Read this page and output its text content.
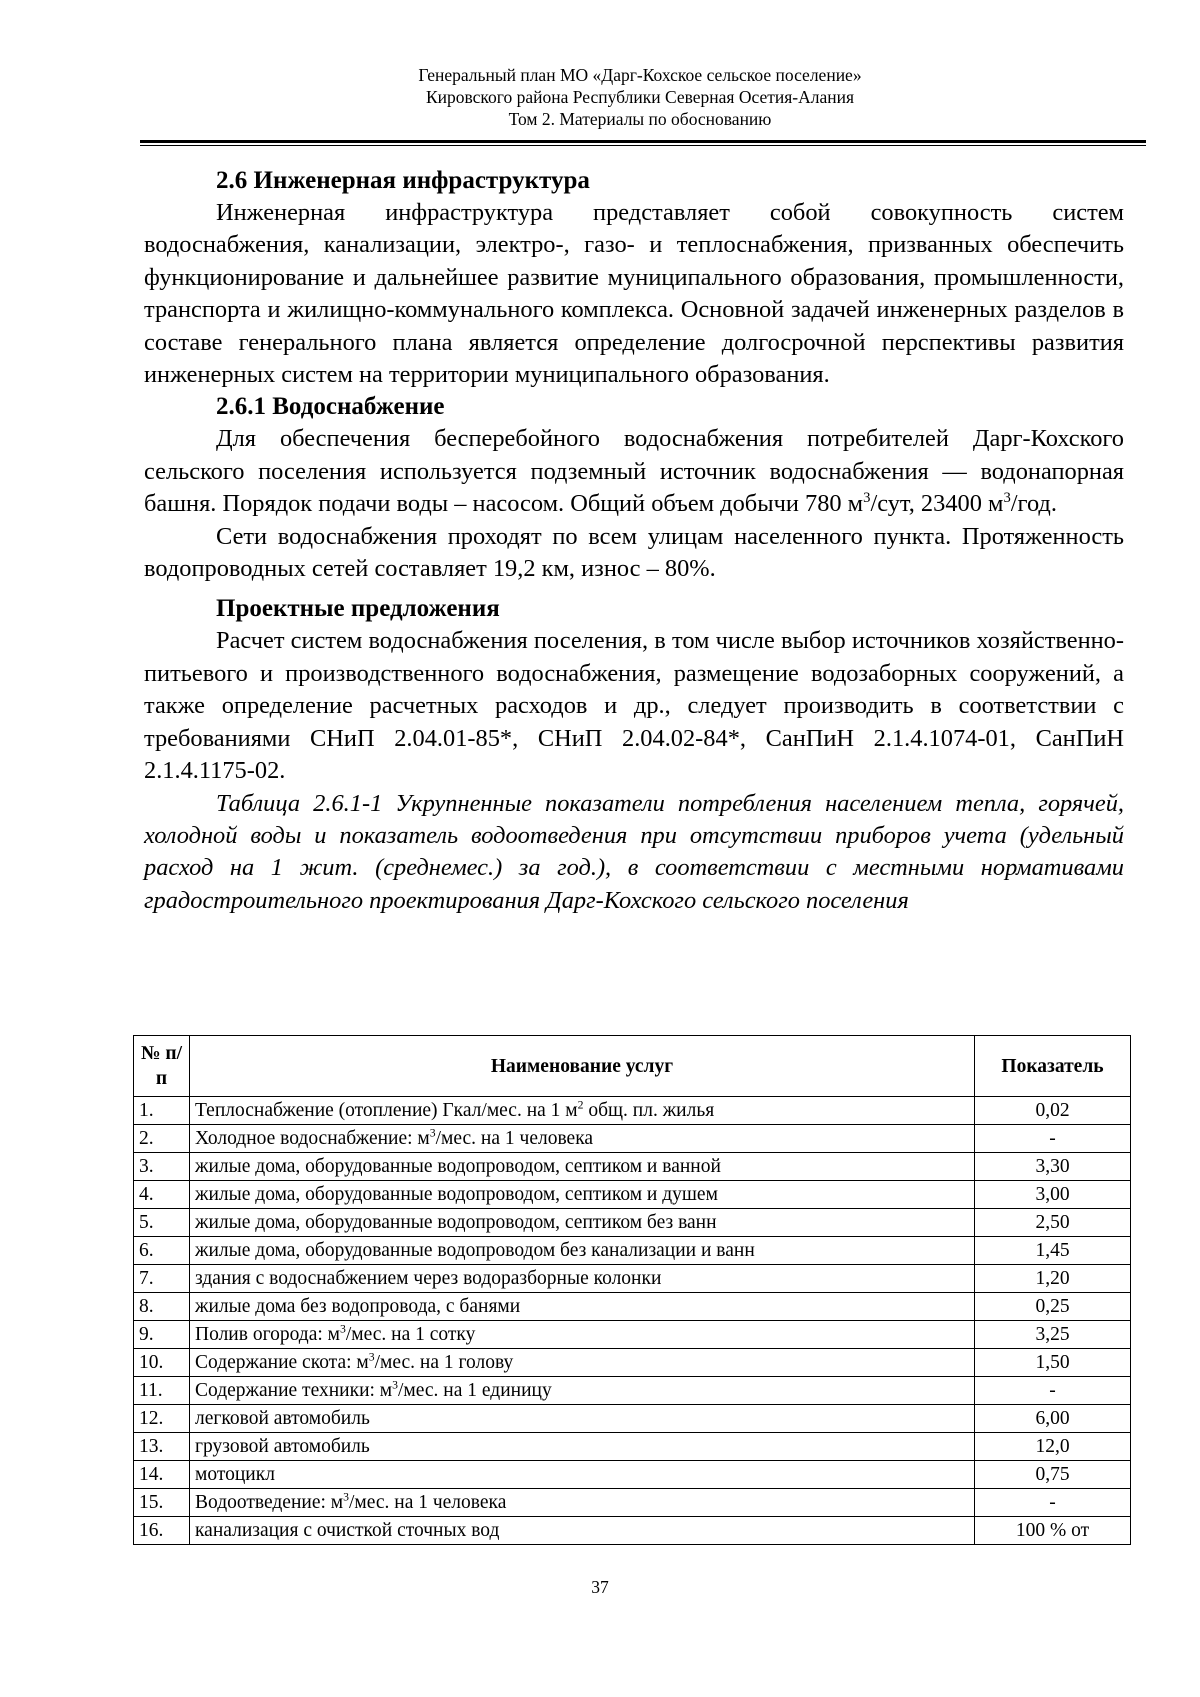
Генеральный план МО «Дарг-Кохское сельское поселение»
Кировского района Республики Северная Осетия-Алания
Том 2. Материалы по обоснованию
2.6 Инженерная инфраструктура

Инженерная инфраструктура представляет собой совокупность систем водоснабжения, канализации, электро-, газо- и теплоснабжения, призванных обеспечить функционирование и дальнейшее развитие муниципального образования, промышленности, транспорта и жилищно-коммунального комплекса. Основной задачей инженерных разделов в составе генерального плана является определение долгосрочной перспективы развития инженерных систем на территории муниципального образования.

2.6.1 Водоснабжение

Для обеспечения бесперебойного водоснабжения потребителей Дарг-Кохского сельского поселения используется подземный источник водоснабжения — водонапорная башня. Порядок подачи воды – насосом. Общий объем добычи 780 $м^3$/сут, 23400 $м^3$/год.

Сети водоснабжения проходят по всем улицам населенного пункта. Протяженность водопроводных сетей составляет 19,2 км, износ – 80%.

Проектные предложения

Расчет систем водоснабжения поселения, в том числе выбор источников хозяйственно-питьевого и производственного водоснабжения, размещение водозаборных сооружений, а также определение расчетных расходов и др., следует производить в соответствии с требованиями СНиП 2.04.01-85*, СНиП 2.04.02-84*, СанПиН 2.1.4.1074-01, СанПиН 2.1.4.1175-02.

Таблица 2.6.1-1 Укрупненные показатели потребления населением тепла, горячей, холодной воды и показатель водоотведения при отсутствии приборов учета (удельный расход на 1 жит. (среднемес.) за год.), в соответствии с местными нормативами градостроительного проектирования Дарг-Кохского сельского поселения

№ п/п	Наименование услуг	Показатель
1.	Теплоснабжение (отопление) Гкал/мес. на 1 $м^2$ общ. пл. жилья	0,02
2.	Холодное водоснабжение: $м^3$/мес. на 1 человека	-
3.	жилые дома, оборудованные водопроводом, септиком и ванной	3,30
4.	жилые дома, оборудованные водопроводом, септиком и душем	3,00
5.	жилые дома, оборудованные водопроводом, септиком без ванн	2,50
6.	жилые дома, оборудованные водопроводом без канализации и ванн	1,45
7.	здания с водоснабжением через водоразборные колонки	1,20
8.	жилые дома без водопровода, с банями	0,25
9.	Полив огорода: $м^3$/мес. на 1 сотку	3,25
10.	Содержание скота: $м^3$/мес. на 1 голову	1,50
11.	Содержание техники: $м^3$/мес. на 1 единицу	-
12.	легковой автомобиль	6,00
13.	грузовой автомобиль	12,0
14.	мотоцикл	0,75
15.	Водоотведение: $м^3$/мес. на 1 человека	-
16.	канализация с очисткой сточных вод	100 % от
37
